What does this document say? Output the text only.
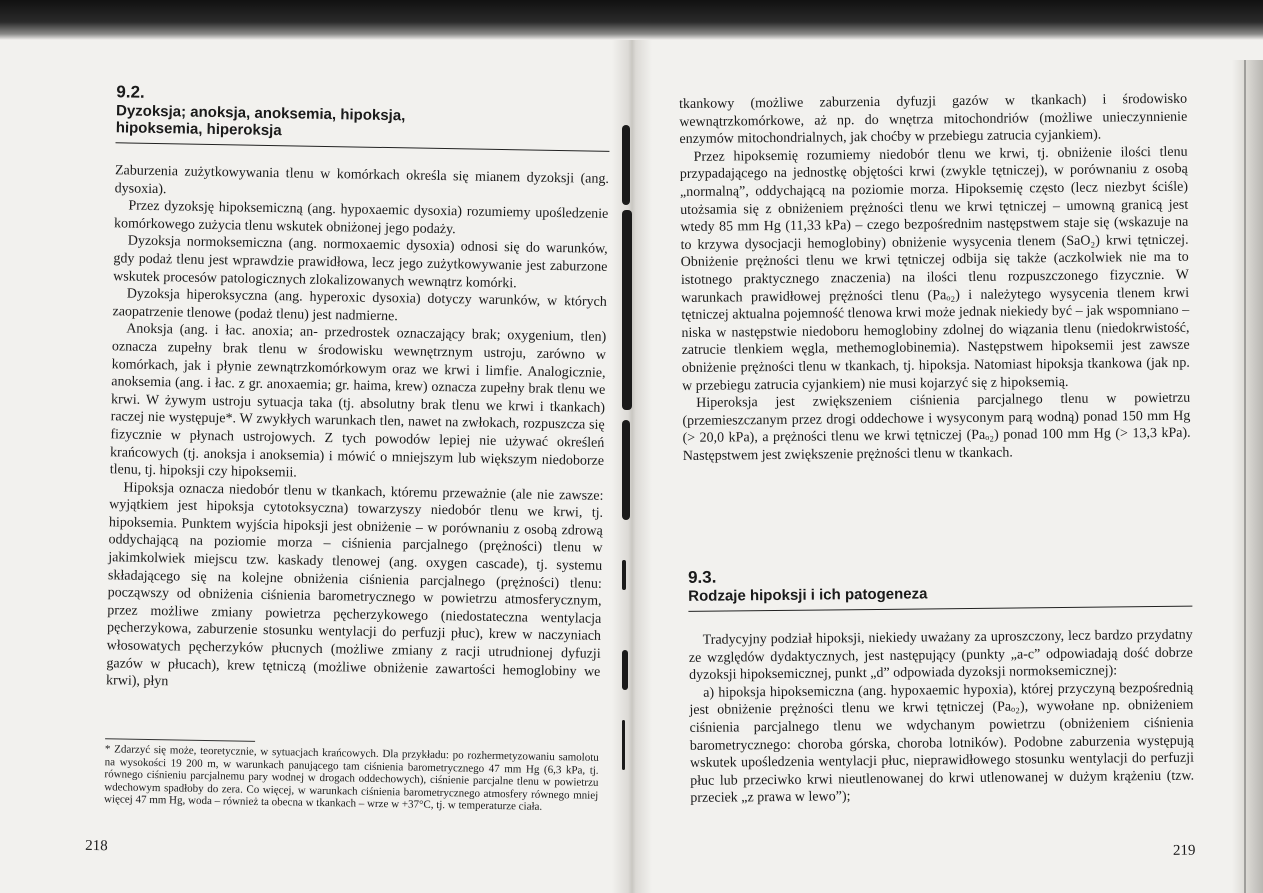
9.2.
Dyzoksja; anoksja, anoksemia, hipoksja, hipoksemia, hiperoksja

Zaburzenia zużytkowywania tlenu w komórkach określa się mianem dyzoksji (ang. dysoxia).

Przez dyzoksję hipoksemiczną (ang. hypoxaemic dysoxia) rozumiemy upośledzenie komórkowego zużycia tlenu wskutek obniżonej jego podaży.

Dyzoksja normoksemiczna (ang. normoxaemic dysoxia) odnosi się do warunków, gdy podaż tlenu jest wprawdzie prawidłowa, lecz jego zużytkowywanie jest zaburzone wskutek procesów patologicznych zlokalizowanych wewnątrz komórki.

Dyzoksja hiperoksyczna (ang. hyperoxic dysoxia) dotyczy warunków, w których zaopatrzenie tlenowe (podaż tlenu) jest nadmierne.

Anoksja (ang. i łac. anoxia; an- przedrostek oznaczający brak; oxygenium, tlen) oznacza zupełny brak tlenu w środowisku wewnętrznym ustroju, zarówno w komórkach, jak i płynie zewnątrzkomórkowym oraz we krwi i limfie. Analogicznie, anoksemia (ang. i łac. z gr. anoxaemia; gr. haima, krew) oznacza zupełny brak tlenu we krwi. W żywym ustroju sytuacja taka (tj. absolutny brak tlenu we krwi i tkankach) raczej nie występuje*. W zwykłych warunkach tlen, nawet na zwłokach, rozpuszcza się fizycznie w płynach ustrojowych. Z tych powodów lepiej nie używać określeń krańcowych (tj. anoksja i anoksemia) i mówić o mniejszym lub większym niedoborze tlenu, tj. hipoksji czy hipoksemii.

Hipoksja oznacza niedobór tlenu w tkankach, któremu przeważnie (ale nie zawsze: wyjątkiem jest hipoksja cytotoksyczna) towarzyszy niedobór tlenu we krwi, tj. hipoksemia. Punktem wyjścia hipoksji jest obniżenie – w porównaniu z osobą zdrową oddychającą na poziomie morza – ciśnienia parcjalnego (prężności) tlenu w jakimkolwiek miejscu tzw. kaskady tlenowej (ang. oxygen cascade), tj. systemu składającego się na kolejne obniżenia ciśnienia parcjalnego (prężności) tlenu: począwszy od obniżenia ciśnienia barometrycznego w powietrzu atmosferycznym, przez możliwe zmiany powietrza pęcherzykowego (niedostateczna wentylacja pęcherzykowa, zaburzenie stosunku wentylacji do perfuzji płuc), krew w naczyniach włosowatych pęcherzyków płucnych (możliwe zmiany z racji utrudnionej dyfuzji gazów w płucach), krew tętniczą (możliwe obniżenie zawartości hemoglobiny we krwi), płyn

* Zdarzyć się może, teoretycznie, w sytuacjach krańcowych. Dla przykładu: po rozhermetyzowaniu samolotu na wysokości 19 200 m, w warunkach panującego tam ciśnienia barometrycznego 47 mm Hg (6,3 kPa, tj. równego ciśnieniu parcjalnemu pary wodnej w drogach oddechowych), ciśnienie parcjalne tlenu w powietrzu wdechowym spadłoby do zera. Co więcej, w warunkach ciśnienia barometrycznego atmosfery równego mniej więcej 47 mm Hg, woda – również ta obecna w tkankach – wrze w +37°C, tj. w temperaturze ciała.

218

tkankowy (możliwe zaburzenia dyfuzji gazów w tkankach) i środowisko wewnątrzkomórkowe, aż np. do wnętrza mitochondriów (możliwe unieczynnienie enzymów mitochondrialnych, jak choćby w przebiegu zatrucia cyjankiem).

Przez hipoksemię rozumiemy niedobór tlenu we krwi, tj. obniżenie ilości tlenu przypadającego na jednostkę objętości krwi (zwykle tętniczej), w porównaniu z osobą „normalną”, oddychającą na poziomie morza. Hipoksemię często (lecz niezbyt ściśle) utożsamia się z obniżeniem prężności tlenu we krwi tętniczej – umowną granicą jest wtedy 85 mm Hg (11,33 kPa) – czego bezpośrednim następstwem staje się (wskazuje na to krzywa dysocjacji hemoglobiny) obniżenie wysycenia tlenem (SaO₂) krwi tętniczej. Obniżenie prężności tlenu we krwi tętniczej odbija się także (aczkolwiek nie ma to istotnego praktycznego znaczenia) na ilości tlenu rozpuszczonego fizycznie. W warunkach prawidłowej prężności tlenu (Paₒ₂) i należytego wysycenia tlenem krwi tętniczej aktualna pojemność tlenowa krwi może jednak niekiedy być – jak wspomniano – niska w następstwie niedoboru hemoglobiny zdolnej do wiązania tlenu (niedokrwistość, zatrucie tlenkiem węgla, methemoglobinemia). Następstwem hipoksemii jest zawsze obniżenie prężności tlenu w tkankach, tj. hipoksja. Natomiast hipoksja tkankowa (jak np. w przebiegu zatrucia cyjankiem) nie musi kojarzyć się z hipoksemią.

Hiperoksja jest zwiększeniem ciśnienia parcjalnego tlenu w powietrzu (przemieszczanym przez drogi oddechowe i wysyconym parą wodną) ponad 150 mm Hg (> 20,0 kPa), a prężności tlenu we krwi tętniczej (Paₒ₂) ponad 100 mm Hg (> 13,3 kPa). Następstwem jest zwiększenie prężności tlenu w tkankach.

9.3.
Rodzaje hipoksji i ich patogeneza

Tradycyjny podział hipoksji, niekiedy uważany za uproszczony, lecz bardzo przydatny ze względów dydaktycznych, jest następujący (punkty „a-c” odpowiadają dość dobrze dyzoksji hipoksemicznej, punkt „d” odpowiada dyzoksji normoksemicznej):

a) hipoksja hipoksemiczna (ang. hypoxaemic hypoxia), której przyczyną bezpośrednią jest obniżenie prężności tlenu we krwi tętniczej (Paₒ₂), wywołane np. obniżeniem ciśnienia parcjalnego tlenu we wdychanym powietrzu (obniżeniem ciśnienia barometrycznego: choroba górska, choroba lotników). Podobne zaburzenia występują wskutek upośledzenia wentylacji płuc, nieprawidłowego stosunku wentylacji do perfuzji płuc lub przeciwko krwi nieutlenowanej do krwi utlenowanej w dużym krążeniu (tzw. przeciek „z prawa w lewo”);

219
